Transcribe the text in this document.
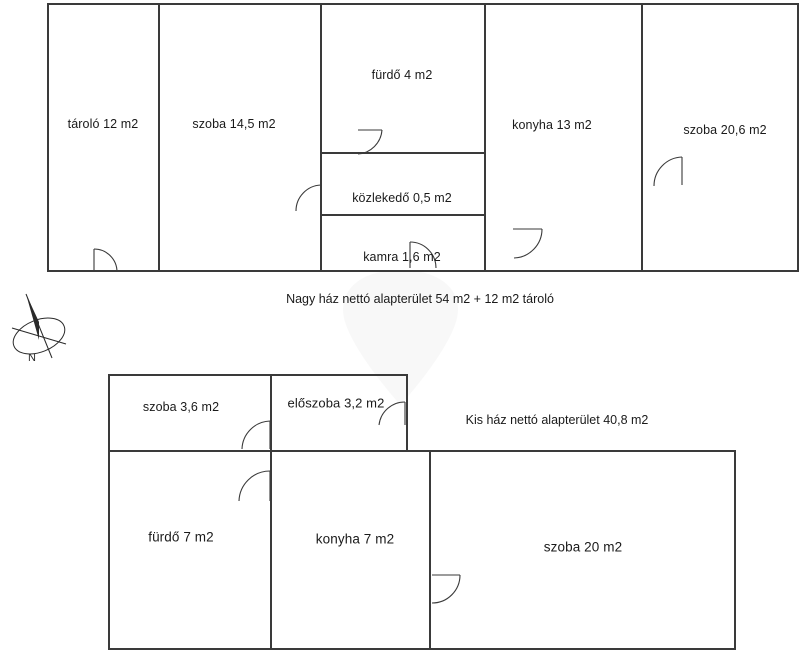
tároló 12 m2	szoba 14,5 m2
fürdő 4 m2
konyha 13 m2	szoba 20,6 m2
közlekedő 0,5 m2
kamra 1,6 m2
Nagy ház nettó alapterület 54 m2 + 12 m2 tároló
N
szoba 3,6 m2	előszoba 3,2 m2
fürdő 7 m2	konyha 7 m2
szoba 20 m2
Kis ház nettó alapterület 40,8 m2
